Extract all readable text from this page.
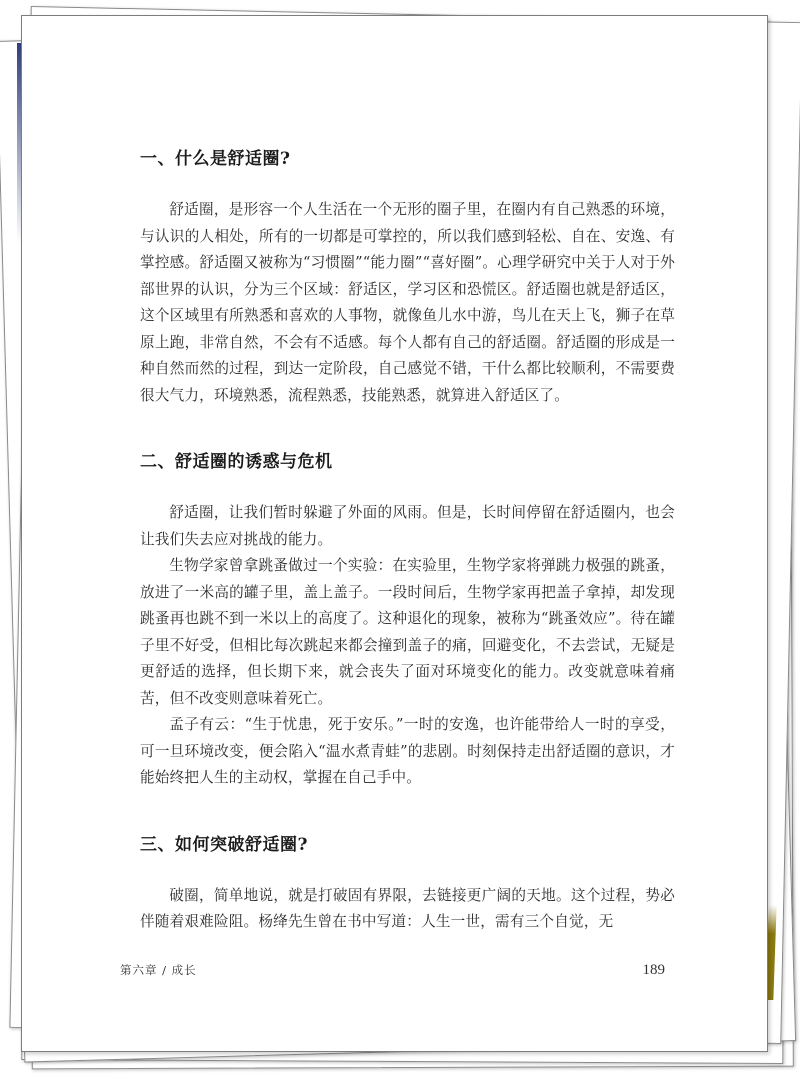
一、什么是舒适圈?

舒适圈，是形容一个人生活在一个无形的圈子里，在圈内有自己熟悉的环境，与认识的人相处，所有的一切都是可掌控的，所以我们感到轻松、自在、安逸、有掌控感。舒适圈又被称为“习惯圈”“能力圈”“喜好圈”。心理学研究中关于人对于外部世界的认识，分为三个区域：舒适区，学习区和恐慌区。舒适圈也就是舒适区，这个区域里有所熟悉和喜欢的人事物，就像鱼儿水中游，鸟儿在天上飞，狮子在草原上跑，非常自然，不会有不适感。每个人都有自己的舒适圈。舒适圈的形成是一种自然而然的过程，到达一定阶段，自己感觉不错，干什么都比较顺利，不需要费很大气力，环境熟悉，流程熟悉，技能熟悉，就算进入舒适区了。

二、舒适圈的诱惑与危机

舒适圈，让我们暂时躲避了外面的风雨。但是，长时间停留在舒适圈内，也会让我们失去应对挑战的能力。

生物学家曾拿跳蚤做过一个实验：在实验里，生物学家将弹跳力极强的跳蚤，放进了一米高的罐子里，盖上盖子。一段时间后，生物学家再把盖子拿掉，却发现跳蚤再也跳不到一米以上的高度了。这种退化的现象，被称为“跳蚤效应”。待在罐子里不好受，但相比每次跳起来都会撞到盖子的痛，回避变化，不去尝试，无疑是更舒适的选择，但长期下来，就会丧失了面对环境变化的能力。改变就意味着痛苦，但不改变则意味着死亡。

孟子有云：“生于忧患，死于安乐。”一时的安逸，也许能带给人一时的享受，可一旦环境改变，便会陷入“温水煮青蛙”的悲剧。时刻保持走出舒适圈的意识，才能始终把人生的主动权，掌握在自己手中。

三、如何突破舒适圈?

破圈，简单地说，就是打破固有界限，去链接更广阔的天地。这个过程，势必伴随着艰难险阻。杨绛先生曾在书中写道：人生一世，需有三个自觉，无

第六章 / 成长	189
